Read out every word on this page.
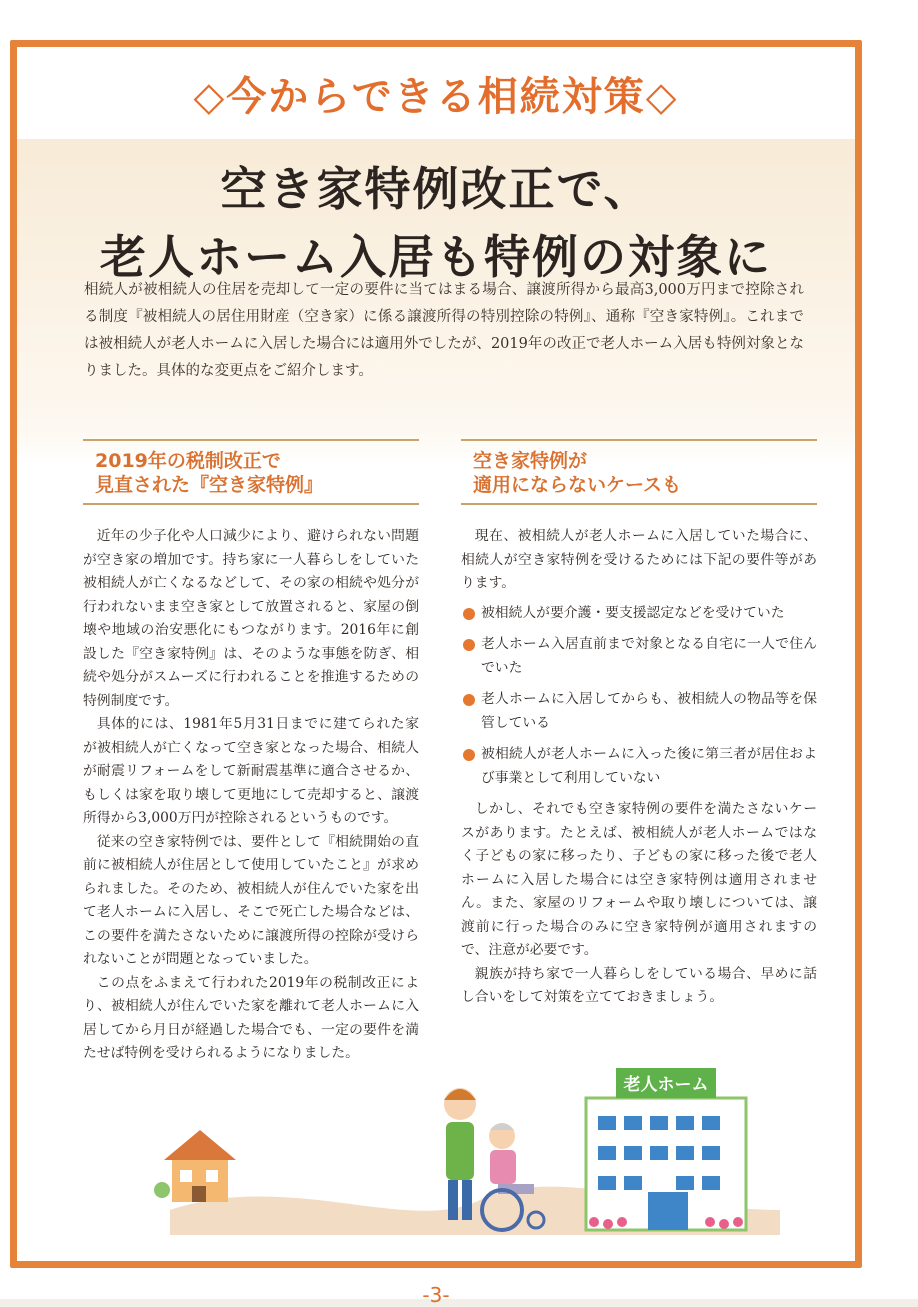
◇今からできる相続対策◇
空き家特例改正で、
老人ホーム入居も特例の対象に
相続人が被相続人の住居を売却して一定の要件に当てはまる場合、譲渡所得から最高3,000万円まで控除される制度『被相続人の居住用財産（空き家）に係る譲渡所得の特別控除の特例』、通称『空き家特例』。これまでは被相続人が老人ホームに入居した場合には適用外でしたが、2019年の改正で老人ホーム入居も特例対象となりました。具体的な変更点をご紹介します。
2019年の税制改正で
見直された『空き家特例』

近年の少子化や人口減少により、避けられない問題が空き家の増加です。持ち家に一人暮らしをしていた被相続人が亡くなるなどして、その家の相続や処分が行われないまま空き家として放置されると、家屋の倒壊や地域の治安悪化にもつながります。2016年に創設した『空き家特例』は、そのような事態を防ぎ、相続や処分がスムーズに行われることを推進するための特例制度です。

具体的には、1981年5月31日までに建てられた家が被相続人が亡くなって空き家となった場合、相続人が耐震リフォームをして新耐震基準に適合させるか、もしくは家を取り壊して更地にして売却すると、譲渡所得から3,000万円が控除されるというものです。

従来の空き家特例では、要件として『相続開始の直前に被相続人が住居として使用していたこと』が求められました。そのため、被相続人が住んでいた家を出て老人ホームに入居し、そこで死亡した場合などは、この要件を満たさないために譲渡所得の控除が受けられないことが問題となっていました。

この点をふまえて行われた2019年の税制改正により、被相続人が住んでいた家を離れて老人ホームに入居してから月日が経過した場合でも、一定の要件を満たせば特例を受けられるようになりました。

空き家特例が
適用にならないケースも

現在、被相続人が老人ホームに入居していた場合に、相続人が空き家特例を受けるためには下記の要件等があります。

被相続人が要介護・要支援認定などを受けていた
老人ホーム入居直前まで対象となる自宅に一人で住んでいた
老人ホームに入居してからも、被相続人の物品等を保管している
被相続人が老人ホームに入った後に第三者が居住および事業として利用していない

しかし、それでも空き家特例の要件を満たさないケースがあります。たとえば、被相続人が老人ホームではなく子どもの家に移ったり、子どもの家に移った後で老人ホームに入居した場合には空き家特例は適用されません。また、家屋のリフォームや取り壊しについては、譲渡前に行った場合のみに空き家特例が適用されますので、注意が必要です。

親族が持ち家で一人暮らしをしている場合、早めに話し合いをして対策を立てておきましょう。

-3-
老人ホーム
